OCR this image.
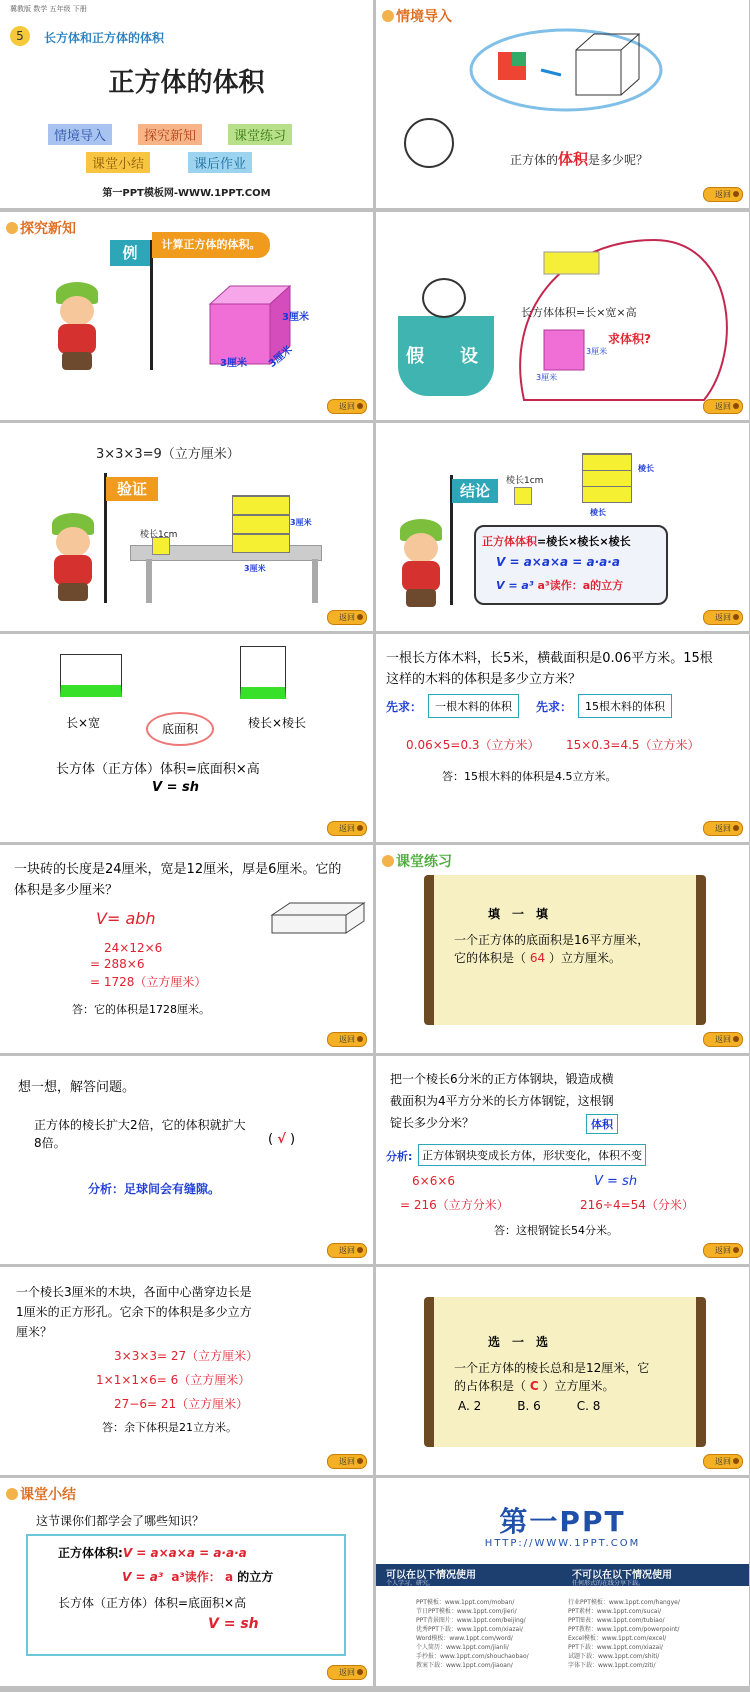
冀教版 数学 五年级 下册
5	长方体和正方体的体积
正方体的体积
情境导入	探究新知	课堂练习
课堂小结	课后作业
第一PPT模板网-WWW.1PPT.COM
情境导入
正方体的体积是多少呢？
返回
探究新知
例	计算正方体的体积。
3厘米
3厘米 3厘米
返回
假 设
长方体体积=长×宽×高
求体积?
3厘米
3厘米
返回
3×3×3=9（立方厘米）
验证
棱长1cm
3厘米
3厘米
返回
结论
棱长1cm
棱长
棱长
正方体体积=棱长×棱长×棱长
V = a×a×a = a·a·a
V = a³ a³读作：a的立方
返回
长×宽	底面积	棱长×棱长
长方体（正方体）体积=底面积×高
V = sh
返回
一根长方体木料，长5米，横截面积是0.06平方米。15根这样的木料的体积是多少立方米？
先求：	一根木料的体积	先求：	15根木料的体积
0.06×5=0.3（立方米） 15×0.3=4.5（立方米）
答：15根木料的体积是4.5立方米。
返回
一块砖的长度是24厘米，宽是12厘米，厚是6厘米。它的体积是多少厘米？
V= abh
24×12×6
= 288×6
= 1728（立方厘米）
答：它的体积是1728厘米。
返回
课堂练习
填　一　填
一个正方体的底面积是16平方厘米，
它的体积是（ 64 ）立方厘米。
返回
想一想，解答问题。
正方体的棱长扩大2倍，它的体积就扩大
8倍。	( √ )
分析：足球间会有缝隙。
返回
把一个棱长6分米的正方体钢块，锻造成横
截面积为4平方分米的长方体钢锭，这根钢
锭长多少分米？	体积
分析: 正方体钢块变成长方体，形状变化，体积不变
6×6×6
= 216（立方分米）
V = sh
216÷4=54（分米）
答：这根钢锭长54分米。
返回
一个棱长3厘米的木块，各面中心凿穿边长是
1厘米的正方形孔。它余下的体积是多少立方
厘米？
3×3×3= 27（立方厘米）
1×1×1×6= 6（立方厘米）
27−6= 21（立方厘米）
答：余下体积是21立方米。
返回
选　一　选
一个正方体的棱长总和是12厘米，它
的占体积是（ C ）立方厘米。
A. 2　　　B. 6　　　C. 8
返回
课堂小结
这节课你们都学会了哪些知识？
正方体体积:V = a×a×a = a·a·a
V = a³ a³读作： a 的立方
长方体（正方体）体积=底面积×高
V = sh
返回
第一PPT
HTTP://WWW.1PPT.COM
可以在以下情况使用	不可以在以下情况使用
个人学习、研究。	任何形式的在线分享下载。
PPT模板：www.1ppt.com/moban/
节日PPT模板：www.1ppt.com/jieri/
PPT背景图片：www.1ppt.com/beijing/
优秀PPT下载：www.1ppt.com/xiazai/
Word模板：www.1ppt.com/word/
个人简历：www.1ppt.com/jianli/
手抄报：www.1ppt.com/shouchaobao/
教案下载：www.1ppt.com/jiaoan/
行业PPT模板：www.1ppt.com/hangye/
PPT素材：www.1ppt.com/sucai/
PPT图表：www.1ppt.com/tubiao/
PPT教程：www.1ppt.com/powerpoint/
Excel模板：www.1ppt.com/excel/
PPT下载：www.1ppt.com/xiazai/
试题下载：www.1ppt.com/shiti/
字体下载：www.1ppt.com/ziti/
